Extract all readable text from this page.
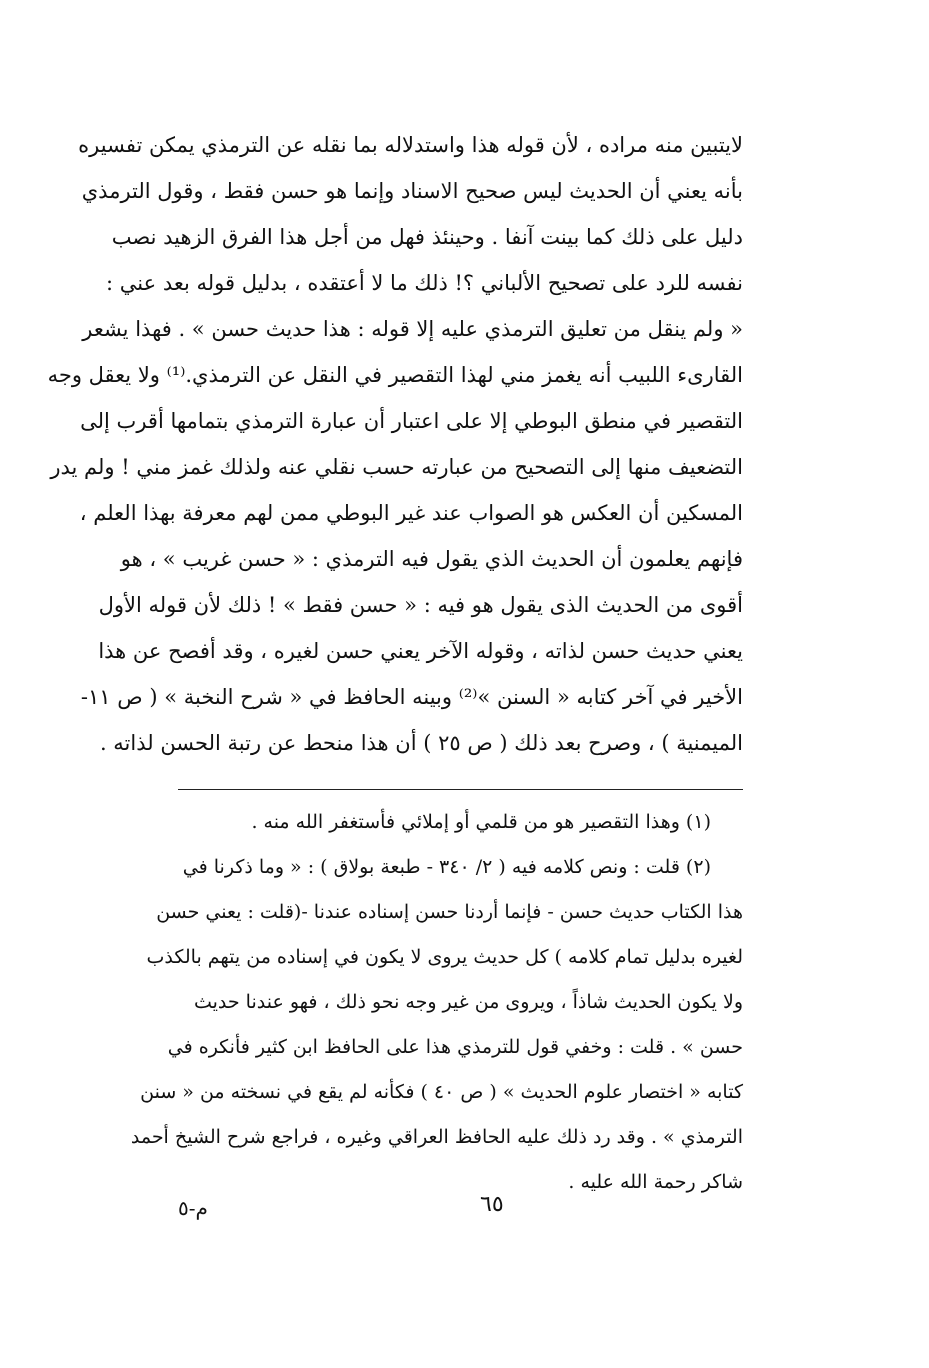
لايتبين منه مراده ، لأن قوله هذا واستدلاله بما نقله عن الترمذي يمكن تفسيره
بأنه يعني أن الحديث ليس صحيح الاسناد وإنما هو حسن فقط ، وقول الترمذي
دليل على ذلك كما بينت آنفا . وحينئذ فهل من أجل هذا الفرق الزهيد نصب
نفسه للرد على تصحيح الألباني ؟! ذلك ما لا أعتقده ، بدليل قوله بعد عني :
« ولم ينقل من تعليق الترمذي عليه إلا قوله : هذا حديث حسن » . فهذا يشعر
القارىء اللبيب أنه يغمز مني لهذا التقصير في النقل عن الترمذي.⁽¹⁾ ولا يعقل وجه
التقصير في منطق البوطي إلا على اعتبار أن عبارة الترمذي بتمامها أقرب إلى
التضعيف منها إلى التصحيح من عبارته حسب نقلي عنه ولذلك غمز مني ! ولم يدر
المسكين أن العكس هو الصواب عند غير البوطي ممن لهم معرفة بهذا العلم ،
فإنهم يعلمون أن الحديث الذي يقول فيه الترمذي : « حسن غريب » ، هو
أقوى من الحديث الذى يقول هو فيه : « حسن فقط » ! ذلك لأن قوله الأول
يعني حديث حسن لذاته ، وقوله الآخر يعني حسن لغيره ، وقد أفصح عن هذا
الأخير في آخر كتابه « السنن »⁽²⁾ وبينه الحافظ في « شرح النخبة » ( ص ١١-
الميمنية ) ، وصرح بعد ذلك ( ص ٢٥ ) أن هذا منحط عن رتبة الحسن لذاته .
(١) وهذا التقصير هو من قلمي أو إملائي فأستغفر الله منه .
(٢) قلت : ونص كلامه فيه ( ٢/ ٣٤٠ - طبعة بولاق ) : « وما ذكرنا في
هذا الكتاب حديث حسن - فإنما أردنا حسن إسناده عندنا -(قلت : يعني حسن
لغيره بدليل تمام كلامه ) كل حديث يروى لا يكون في إسناده من يتهم بالكذب
ولا يكون الحديث شاذاً ، ويروى من غير وجه نحو ذلك ، فهو عندنا حديث
حسن » . قلت : وخفي قول للترمذي هذا على الحافظ ابن كثير فأنكره في
كتابه « اختصار علوم الحديث » ( ص ٤٠ ) فكأنه لم يقع في نسخته من « سنن
الترمذي » . وقد رد ذلك عليه الحافظ العراقي وغيره ، فراجع شرح الشيخ أحمد
شاكر رحمة الله عليه .
٦٥
م-٥
